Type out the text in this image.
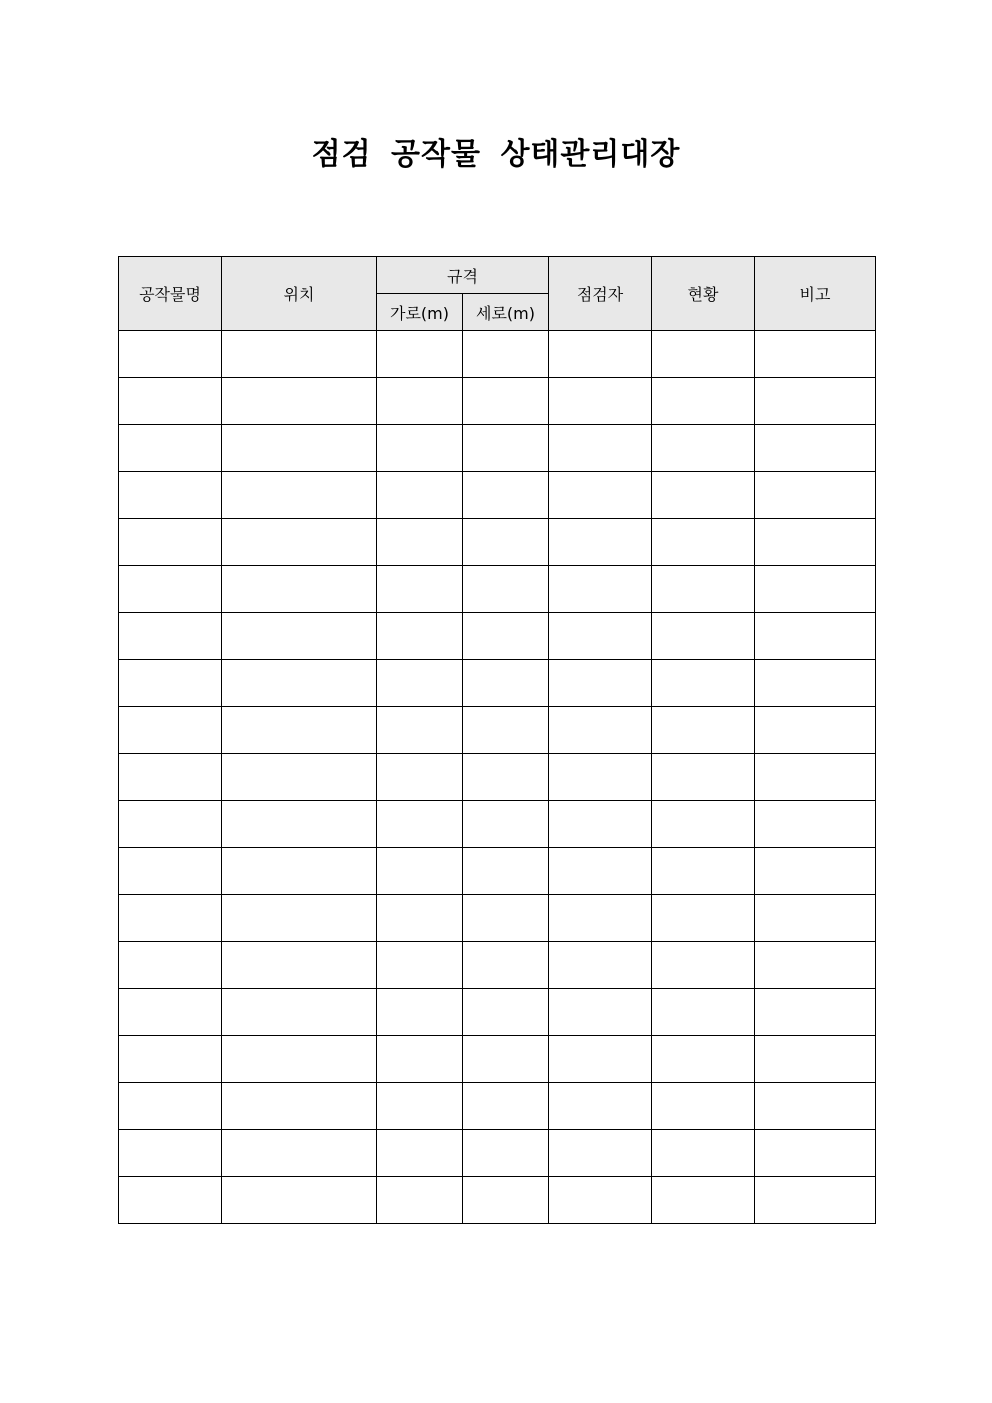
점검 공작물 상태관리대장
공작물명	위치	규격		점검자	현황	비고
		가로(m)	세로(m)			
